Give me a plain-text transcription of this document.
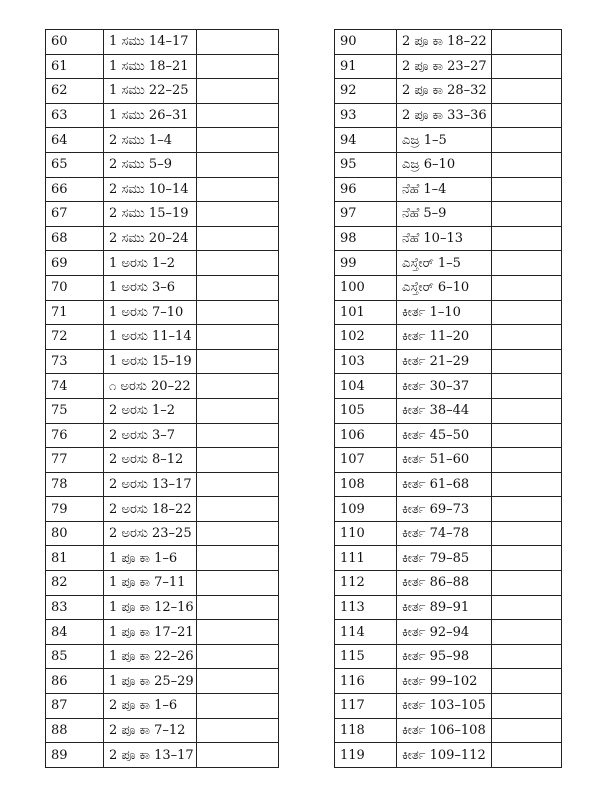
60	1 ಸಮು 14–17	
61	1 ಸಮು 18–21	
62	1 ಸಮು 22–25	
63	1 ಸಮು 26–31	
64	2 ಸಮು 1–4	
65	2 ಸಮು 5–9	
66	2 ಸಮು 10–14	
67	2 ಸಮು 15–19	
68	2 ಸಮು 20–24	
69	1 ಅರಸು 1–2	
70	1 ಅರಸು 3–6	
71	1 ಅರಸು 7–10	
72	1 ಅರಸು 11–14	
73	1 ಅರಸು 15–19	
74	೧ ಅರಸು 20–22	
75	2 ಅರಸು 1–2	
76	2 ಅರಸು 3–7	
77	2 ಅರಸು 8–12	
78	2 ಅರಸು 13–17	
79	2 ಅರಸು 18–22	
80	2 ಅರಸು 23–25	
81	1 ಪೂ ಕಾ 1–6	
82	1 ಪೂ ಕಾ 7–11	
83	1 ಪೂ ಕಾ 12–16	
84	1 ಪೂ ಕಾ 17–21	
85	1 ಪೂ ಕಾ 22–26	
86	1 ಪೂ ಕಾ 25–29	
87	2 ಪೂ ಕಾ 1–6	
88	2 ಪೂ ಕಾ 7–12	
89	2 ಪೂ ಕಾ 13–17	
90	2 ಪೂ ಕಾ 18–22	
91	2 ಪೂ ಕಾ 23–27	
92	2 ಪೂ ಕಾ 28–32	
93	2 ಪೂ ಕಾ 33–36	
94	ಎಜ್ರ 1–5	
95	ಎಜ್ರ 6–10	
96	ನೆಹೆ 1–4	
97	ನೆಹೆ 5–9	
98	ನೆಹೆ 10–13	
99	ಎಸ್ತೇರ್ 1–5	
100	ಎಸ್ತೇರ್ 6–10	
101	ಕೀರ್ತ 1–10	
102	ಕೀರ್ತ 11–20	
103	ಕೀರ್ತ 21–29	
104	ಕೀರ್ತ 30–37	
105	ಕೀರ್ತ 38–44	
106	ಕೀರ್ತ 45–50	
107	ಕೀರ್ತ 51–60	
108	ಕೀರ್ತ 61–68	
109	ಕೀರ್ತ 69–73	
110	ಕೀರ್ತ 74–78	
111	ಕೀರ್ತ 79–85	
112	ಕೀರ್ತ 86–88	
113	ಕೀರ್ತ 89–91	
114	ಕೀರ್ತ 92–94	
115	ಕೀರ್ತ 95–98	
116	ಕೀರ್ತ 99–102	
117	ಕೀರ್ತ 103–105	
118	ಕೀರ್ತ 106–108	
119	ಕೀರ್ತ 109–112	
